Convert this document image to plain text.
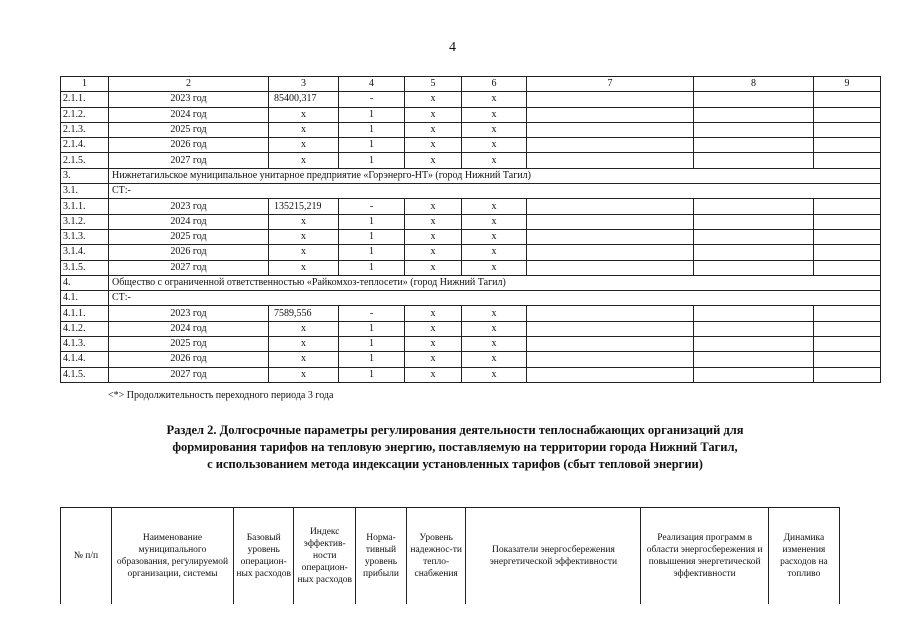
4
1	2	3	4	5	6	7	8	9
2.1.1.	2023 год	85400,317	-	x	x			
2.1.2.	2024 год	x	1	x	x			
2.1.3.	2025 год	x	1	x	x			
2.1.4.	2026 год	x	1	x	x			
2.1.5.	2027 год	x	1	x	x			
3.	Нижнетагильское муниципальное унитарное предприятие «Горэнерго-НТ» (город Нижний Тагил)							
3.1.	СТ:-							
3.1.1.	2023 год	135215,219	-	x	x			
3.1.2.	2024 год	x	1	x	x			
3.1.3.	2025 год	x	1	x	x			
3.1.4.	2026 год	x	1	x	x			
3.1.5.	2027 год	x	1	x	x			
4.	Общество с ограниченной ответственностью «Райкомхоз-теплосети» (город Нижний Тагил)							
4.1.	СТ:-							
4.1.1.	2023 год	7589,556	-	x	x			
4.1.2.	2024 год	x	1	x	x			
4.1.3.	2025 год	x	1	x	x			
4.1.4.	2026 год	x	1	x	x			
4.1.5.	2027 год	x	1	x	x			
<*> Продолжительность переходного периода 3 года
Раздел 2. Долгосрочные параметры регулирования деятельности теплоснабжающих организаций для
формирования тарифов на тепловую энергию, поставляемую на территории города Нижний Тагил,
с использованием метода индексации установленных тарифов (сбыт тепловой энергии)
№ п/п	Наименование муниципального образования, регулируемой организации, системы	Базовый уровень операцион-ных расходов	Индекс эффектив-ности операцион-ных расходов	Норма-тивный уровень прибыли	Уровень надежнос-ти тепло-снабжения	Показатели энергосбережения энергетической эффективности	Реализация программ в области энергосбережения и повышения энергетической эффективности	Динамика изменения расходов на топливо
